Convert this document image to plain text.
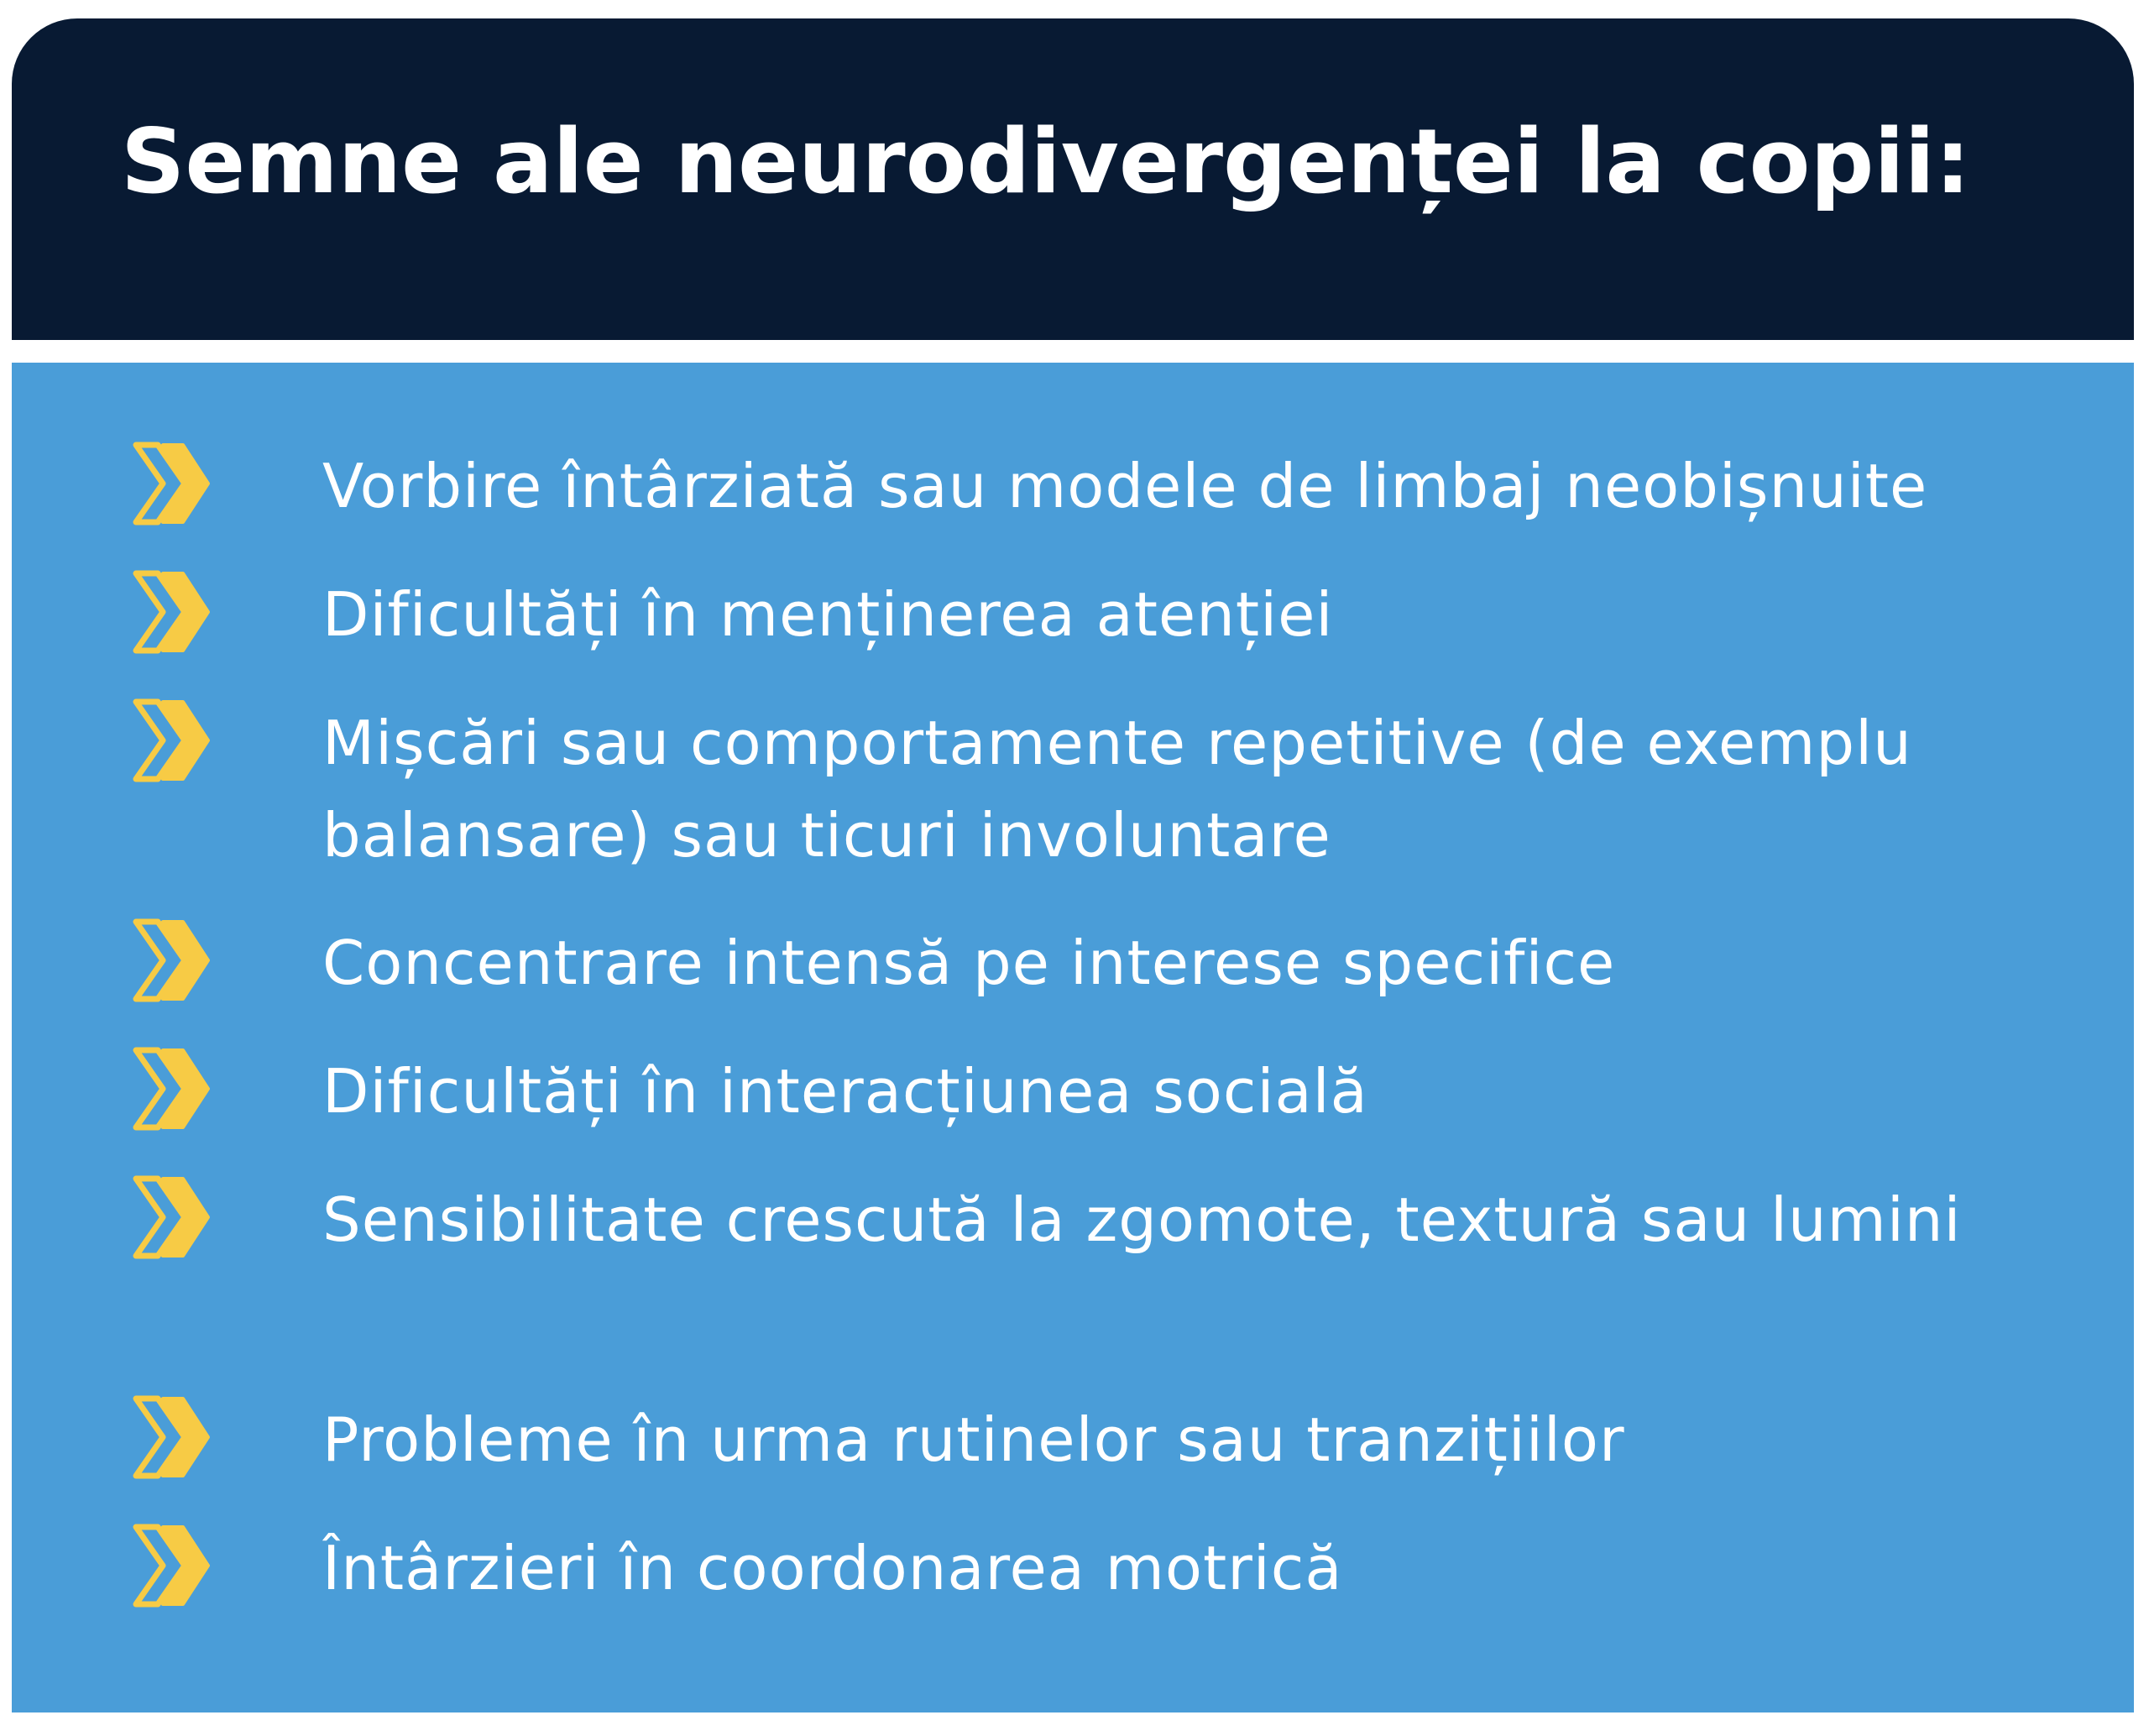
Semne ale neurodivergenței la copii:

Vorbire întârziată sau modele de limbaj neobișnuite

Dificultăți în menținerea atenției

Mișcări sau comportamente repetitive (de exemplu balansare) sau ticuri involuntare

Concentrare intensă pe interese specifice

Dificultăți în interacțiunea socială

Sensibilitate crescută la zgomote, textură sau lumini

Probleme în urma rutinelor sau tranzițiilor

Întârzieri în coordonarea motrică
